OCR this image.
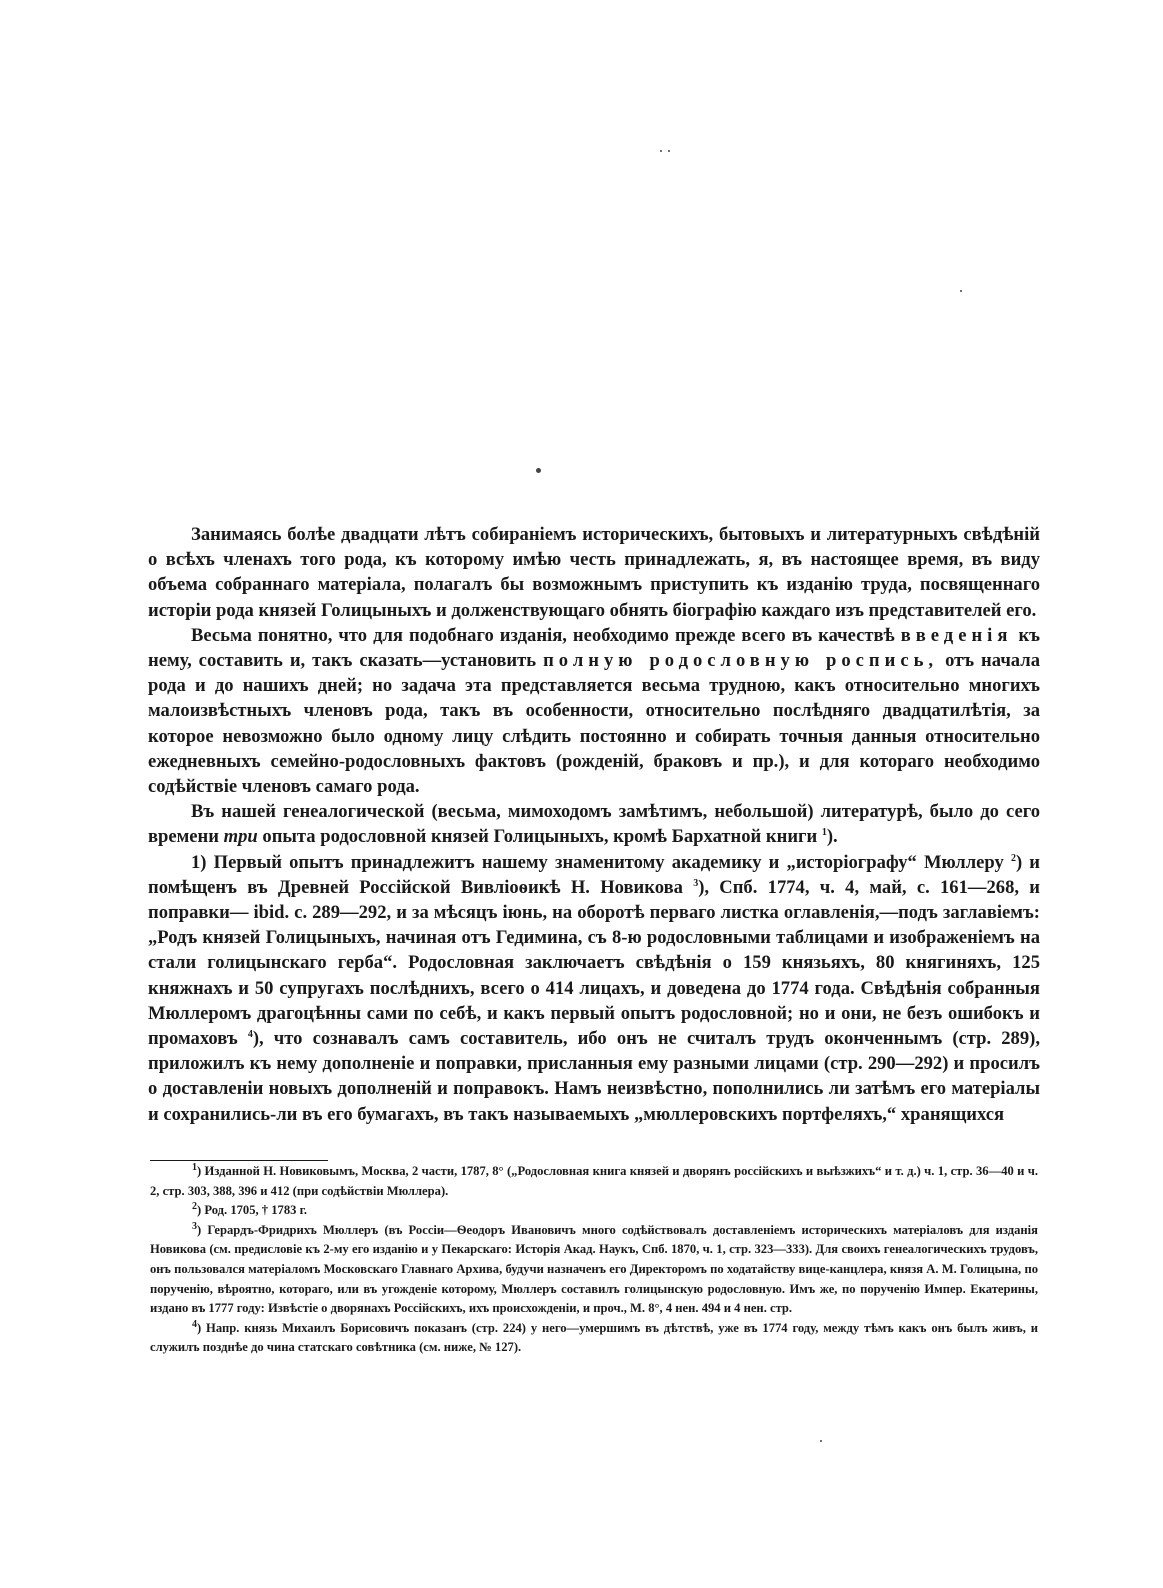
Занимаясь болѣе двадцати лѣтъ собираніемъ историческихъ, бытовыхъ и литературныхъ свѣдѣній о всѣхъ членахъ того рода, къ которому имѣю честь принадлежать, я, въ настоящее время, въ виду объема собраннаго матеріала, полагалъ бы возможнымъ приступить къ изданію труда, посвященнаго исторіи рода князей Голицыныхъ и долженствующаго обнять біографію каждаго изъ представителей его.

Весьма понятно, что для подобнаго изданія, необходимо прежде всего въ качествѣ введенія къ нему, составить и, такъ сказать—установить полную родословную роспись, отъ начала рода и до нашихъ дней; но задача эта представляется весьма трудною, какъ относительно многихъ малоизвѣстныхъ членовъ рода, такъ въ особенности, относительно послѣдняго двадцатилѣтія, за которое невозможно было одному лицу слѣдить постоянно и собирать точныя данныя относительно ежедневныхъ семейно-родословныхъ фактовъ (рожденій, браковъ и пр.), и для котораго необходимо содѣйствіе членовъ самаго рода.

Въ нашей генеалогической (весьма, мимоходомъ замѣтимъ, небольшой) литературѣ, было до сего времени три опыта родословной князей Голицыныхъ, кромѣ Бархатной книги $^1$).

1) Первый опытъ принадлежитъ нашему знаменитому академику и „исторіографу“ Мюллеру $^2$) и помѣщенъ въ Древней Россійской Вивліоѳикѣ Н. Новикова $^3$), Спб. 1774, ч. 4, май, с. 161—268, и поправки— ibid. с. 289—292, и за мѣсяцъ іюнь, на оборотѣ перваго листка оглавленія,—подъ заглавіемъ: „Родъ князей Голицыныхъ, начиная отъ Гедимина, съ 8-ю родословными таблицами и изображеніемъ на стали голицынскаго герба“. Родословная заключаетъ свѣдѣнія о 159 князьяхъ, 80 княгиняхъ, 125 княжнахъ и 50 супругахъ послѣднихъ, всего о 414 лицахъ, и доведена до 1774 года. Свѣдѣнія собранныя Мюллеромъ драгоцѣнны сами по себѣ, и какъ первый опытъ родословной; но и они, не безъ ошибокъ и промаховъ $^4$), что сознавалъ самъ составитель, ибо онъ не считалъ трудъ оконченнымъ (стр. 289), приложилъ къ нему дополненіе и поправки, присланныя ему разными лицами (стр. 290—292) и просилъ о доставленіи новыхъ дополненій и поправокъ. Намъ неизвѣстно, пополнились ли затѣмъ его матеріалы и сохранились-ли въ его бумагахъ, въ такъ называемыхъ „мюллеровскихъ портфеляхъ,“ хранящихся

$^1$) Изданной Н. Новиковымъ, Москва, 2 части, 1787, 8° („Родословная книга князей и дворянъ россійскихъ и выѣзжихъ“ и т. д.) ч. 1, стр. 36—40 и ч. 2, стр. 303, 388, 396 и 412 (при содѣйствіи Мюллера).

$^2$) Род. 1705, † 1783 г.

$^3$) Герардъ-Фридрихъ Мюллеръ (въ Россіи—Ѳеодоръ Ивановичъ много содѣйствовалъ доставленіемъ историческихъ матеріаловъ для изданія Новикова (см. предисловіе къ 2-му его изданію и у Пекарскаго: Исторія Акад. Наукъ, Спб. 1870, ч. 1, стр. 323—333). Для своихъ генеалогическихъ трудовъ, онъ пользовался матеріаломъ Московскаго Главнаго Архива, будучи назначенъ его Директоромъ по ходатайству вице-канцлера, князя А. М. Голицына, по порученію, вѣроятно, котораго, или въ угожденіе которому, Мюллеръ составилъ голицынскую родословную. Имъ же, по порученію Импер. Екатерины, издано въ 1777 году: Извѣстіе о дворянахъ Россійскихъ, ихъ происхожденіи, и проч., М. 8°, 4 нен. 494 и 4 нен. стр.

$^4$) Напр. князь Михаилъ Борисовичъ показанъ (стр. 224) у него—умершимъ въ дѣтствѣ, уже въ 1774 году, между тѣмъ какъ онъ былъ живъ, и служилъ позднѣе до чина статскаго совѣтника (см. ниже, № 127).
